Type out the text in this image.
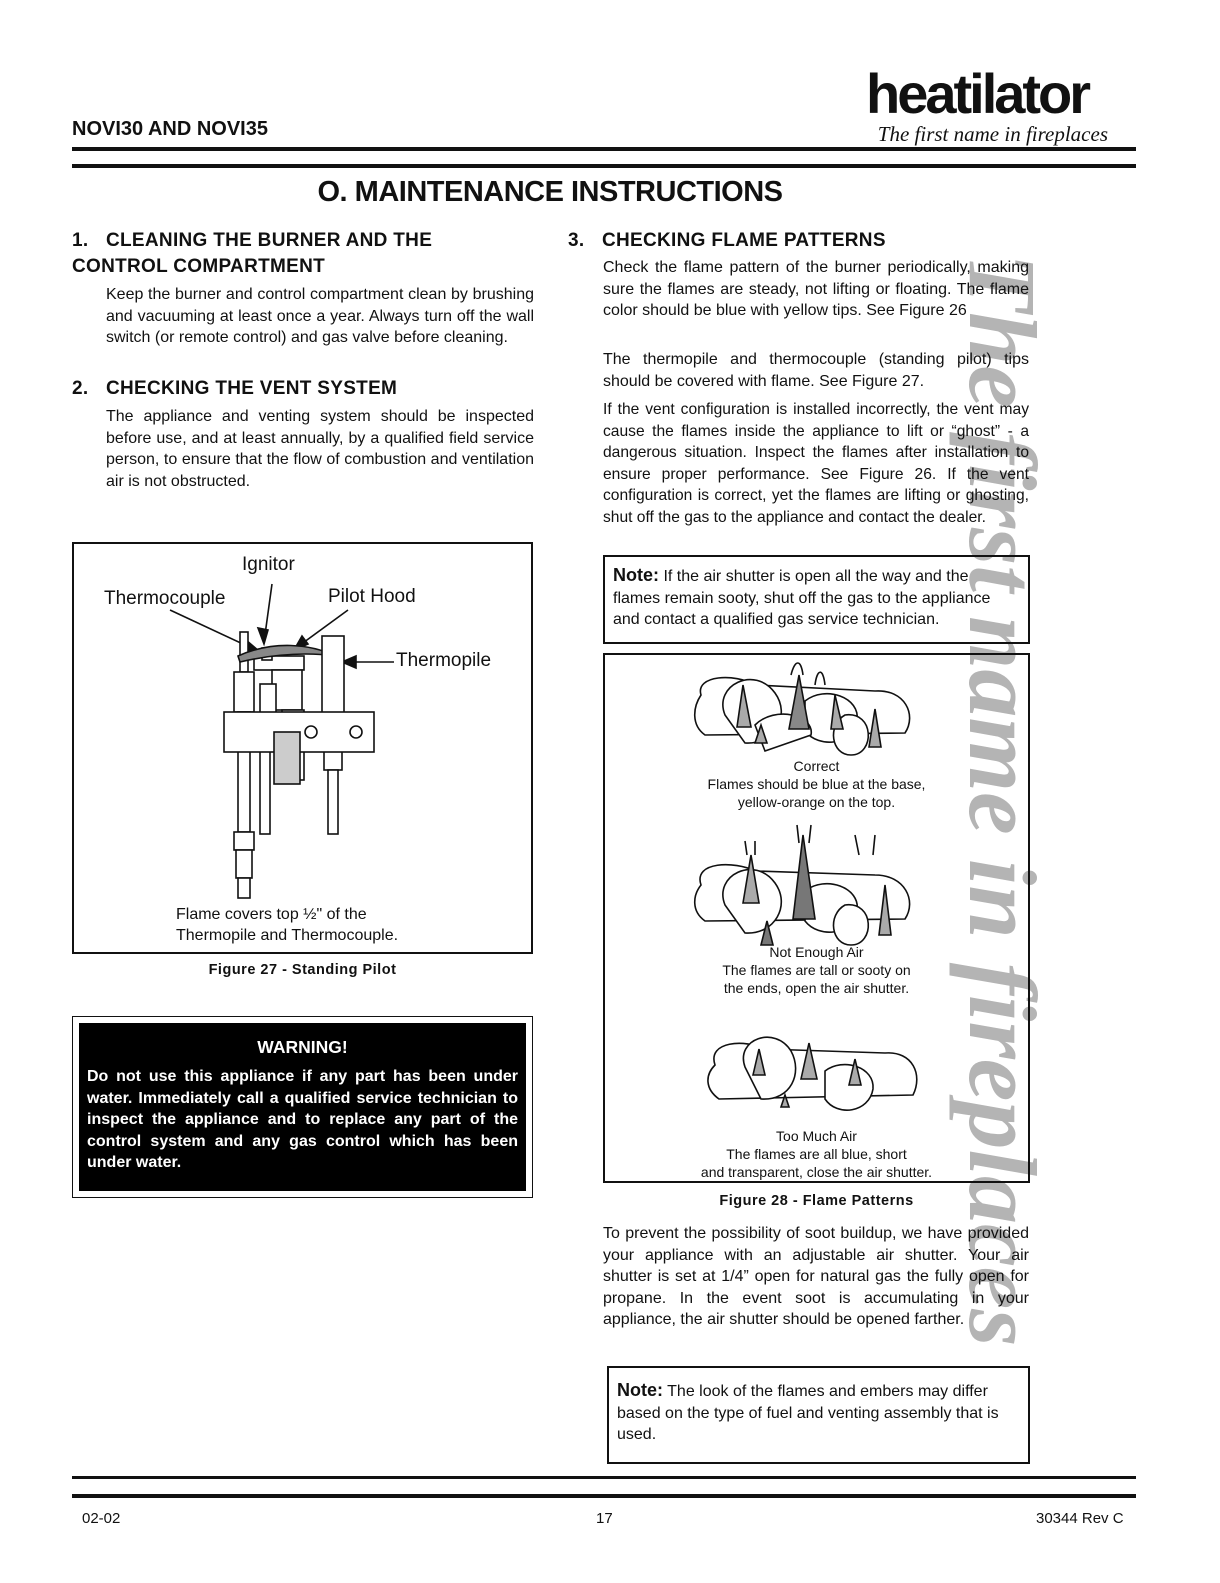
NOVI30 AND NOVI35
heatilator
The first name in fireplaces
O. MAINTENANCE INSTRUCTIONS
The first name in fireplaces
1. CLEANING THE BURNER AND THE
CONTROL COMPARTMENT
Keep the burner and control compartment clean by brushing and vacuuming at least once a year. Always turn off the wall switch (or remote control) and gas valve before cleaning.
2. CHECKING THE VENT SYSTEM
The appliance and venting system should be inspected before use, and at least annually, by a qualified field service person, to ensure that the flow of combustion and ventilation air is not obstructed.
Ignitor
Thermocouple	Pilot Hood
Thermopile
Flame covers top ½" of the
Thermopile and Thermocouple.
Figure 27 - Standing Pilot
WARNING!
Do not use this appliance if any part has been under water. Immediately call a qualified service technician to inspect the appliance and to replace any part of the control system and any gas control which has been under water.
3. CHECKING FLAME PATTERNS
Check the flame pattern of the burner periodically, making sure the flames are steady, not lifting or floating. The flame color should be blue with yellow tips. See Figure 26
The thermopile and thermocouple (standing pilot) tips should be covered with flame. See Figure 27.
If the vent configuration is installed incorrectly, the vent may cause the flames inside the appliance to lift or “ghost” - a dangerous situation. Inspect the flames after installation to ensure proper performance. See Figure 26. If the vent configuration is correct, yet the flames are lifting or ghosting, shut off the gas to the appliance and contact the dealer.
Note: If the air shutter is open all the way and the flames remain sooty, shut off the gas to the appliance and contact a qualified gas service technician.
Correct
Flames should be blue at the base,
yellow-orange on the top.
Not Enough Air
The flames are tall or sooty on
the ends, open the air shutter.
Too Much Air
The flames are all blue, short
and transparent, close the air shutter.
Figure 28 - Flame Patterns
To prevent the possibility of soot buildup, we have provided your appliance with an adjustable air shutter. Your air shutter is set at 1/4” open for natural gas the fully open for propane. In the event soot is accumulating in your appliance, the air shutter should be opened farther.
Note: The look of the flames and embers may differ based on the type of fuel and venting assembly that is used.
02-02	17	30344 Rev C
